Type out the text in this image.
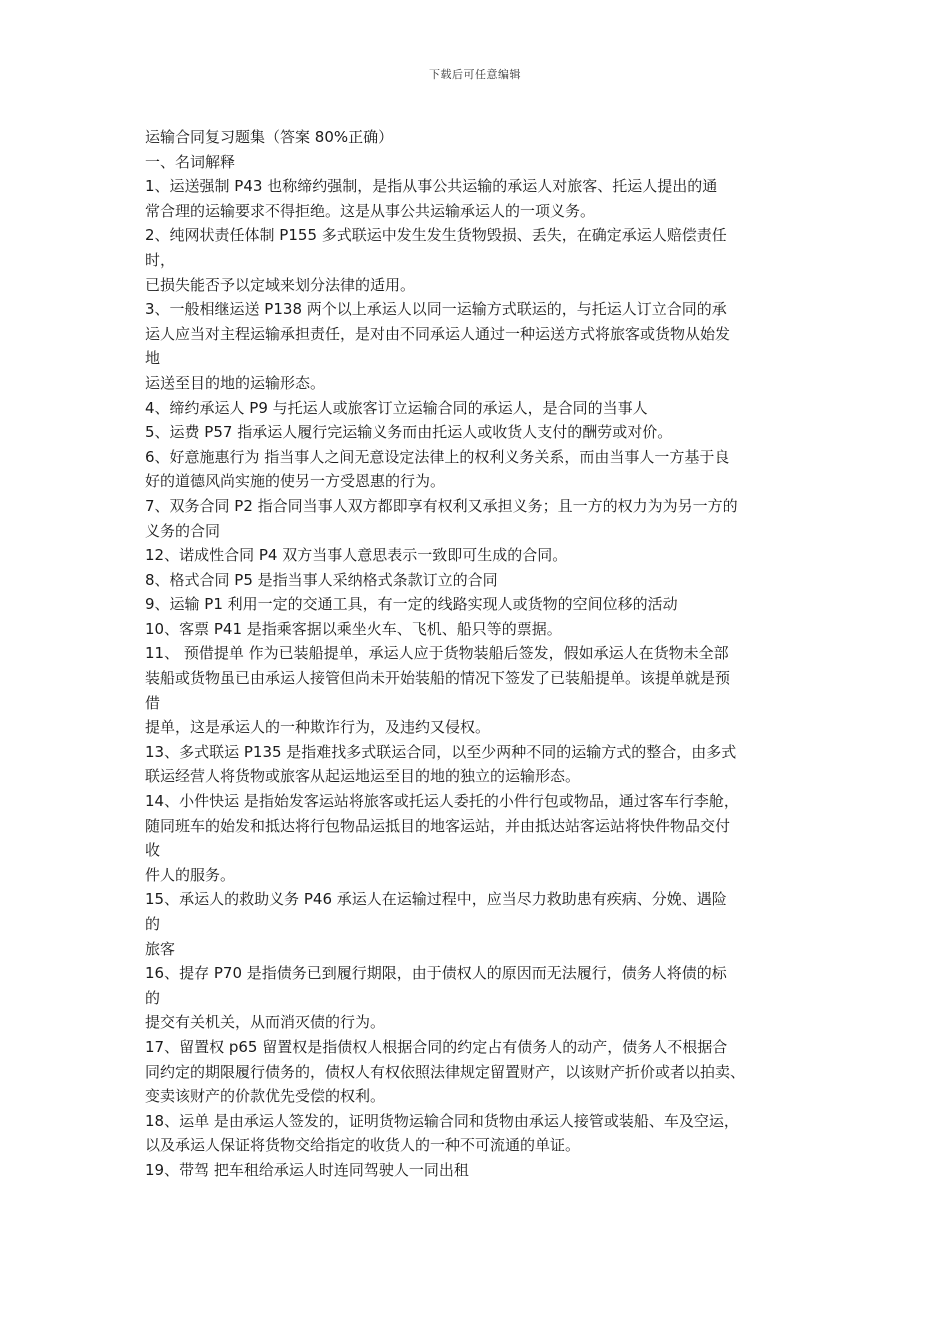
下载后可任意编辑
运输合同复习题集（答案 80%正确）
一、名词解释
1、运送强制 P43 也称缔约强制，是指从事公共运输的承运人对旅客、托运人提出的通
常合理的运输要求不得拒绝。这是从事公共运输承运人的一项义务。
2、纯网状责任体制 P155 多式联运中发生发生货物毁损、丢失，在确定承运人赔偿责任
时，
已损失能否予以定域来划分法律的适用。
3、一般相继运送 P138 两个以上承运人以同一运输方式联运的，与托运人订立合同的承
运人应当对主程运输承担责任，是对由不同承运人通过一种运送方式将旅客或货物从始发
地
运送至目的地的运输形态。
4、缔约承运人 P9 与托运人或旅客订立运输合同的承运人，是合同的当事人
5、运费 P57 指承运人履行完运输义务而由托运人或收货人支付的酬劳或对价。
6、好意施惠行为 指当事人之间无意设定法律上的权利义务关系，而由当事人一方基于良
好的道德风尚实施的使另一方受恩惠的行为。
7、双务合同 P2 指合同当事人双方都即享有权利又承担义务；且一方的权力为为另一方的
义务的合同
12、诺成性合同 P4 双方当事人意思表示一致即可生成的合同。
8、格式合同 P5 是指当事人采纳格式条款订立的合同
9、运输 P1 利用一定的交通工具，有一定的线路实现人或货物的空间位移的活动
10、客票 P41 是指乘客据以乘坐火车、飞机、船只等的票据。
11、 预借提单 作为已装船提单，承运人应于货物装船后签发，假如承运人在货物未全部
装船或货物虽已由承运人接管但尚未开始装船的情况下签发了已装船提单。该提单就是预
借
提单，这是承运人的一种欺诈行为，及违约又侵权。
13、多式联运 P135 是指难找多式联运合同，以至少两种不同的运输方式的整合，由多式
联运经营人将货物或旅客从起运地运至目的地的独立的运输形态。
14、小件快运 是指始发客运站将旅客或托运人委托的小件行包或物品，通过客车行李舱，
随同班车的始发和抵达将行包物品运抵目的地客运站，并由抵达站客运站将快件物品交付
收
件人的服务。
15、承运人的救助义务 P46 承运人在运输过程中，应当尽力救助患有疾病、分娩、遇险
的
旅客
16、提存 P70 是指债务已到履行期限，由于债权人的原因而无法履行，债务人将债的标
的
提交有关机关，从而消灭债的行为。
17、留置权 p65 留置权是指债权人根据合同的约定占有债务人的动产，债务人不根据合
同约定的期限履行债务的，债权人有权依照法律规定留置财产，以该财产折价或者以拍卖、
变卖该财产的价款优先受偿的权利。
18、运单 是由承运人签发的，证明货物运输合同和货物由承运人接管或装船、车及空运，
以及承运人保证将货物交给指定的收货人的一种不可流通的单证。
19、带驾 把车租给承运人时连同驾驶人一同出租
